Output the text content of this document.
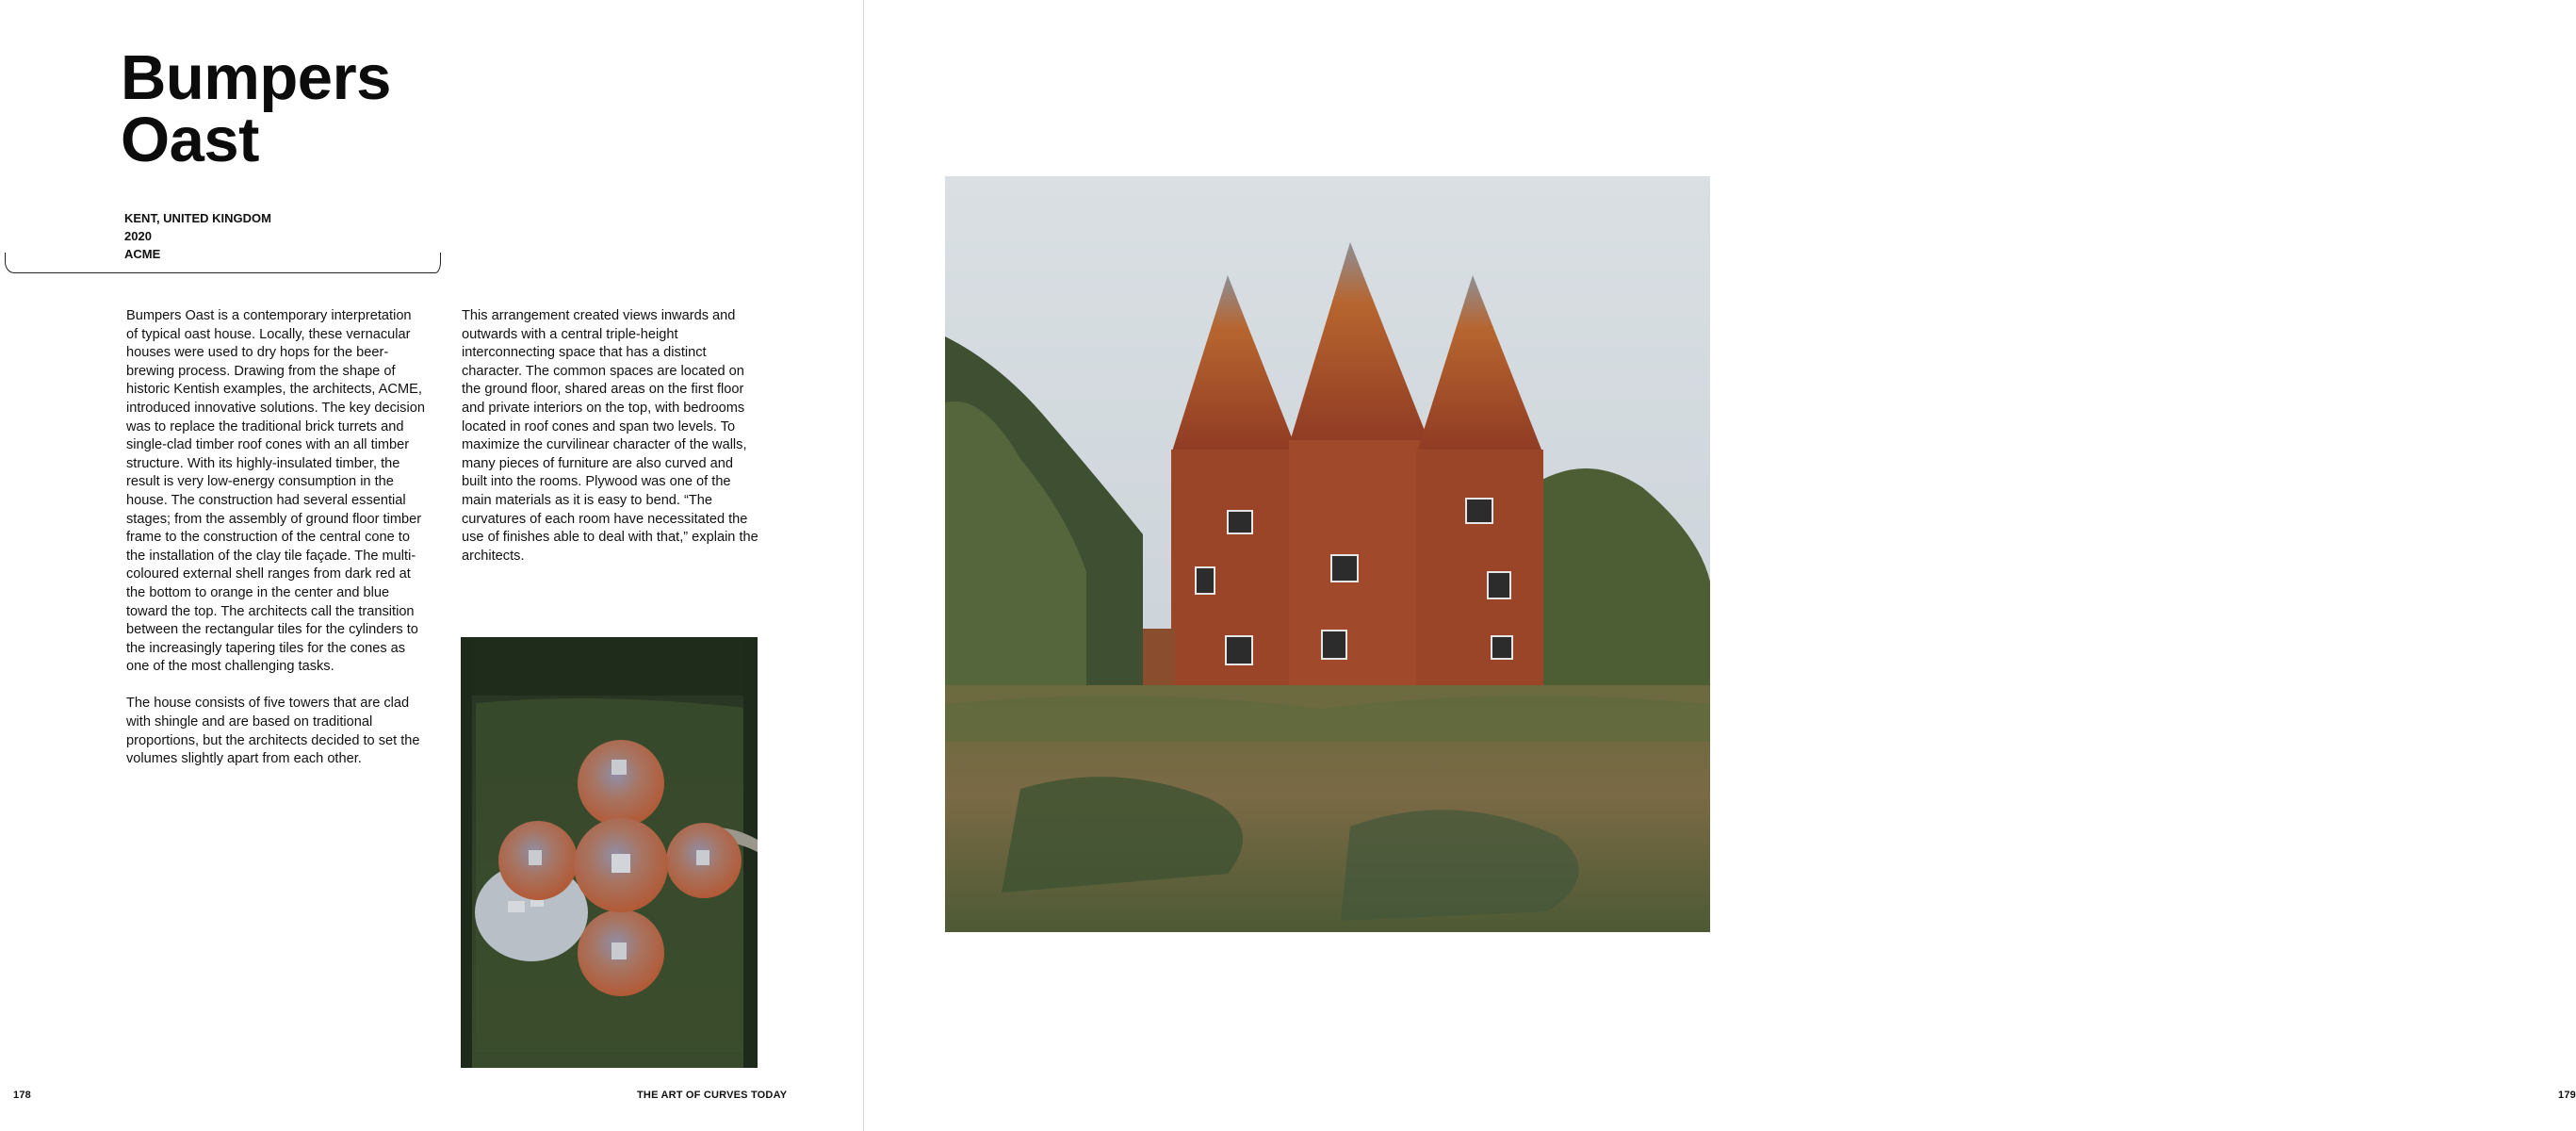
Bumpers
Oast
KENT, UNITED KINGDOM
2020
ACME

Bumpers Oast is a contemporary interpretation of typical oast house. Locally, these vernacular houses were used to dry hops for the beer-brewing process. Drawing from the shape of historic Kentish examples, the architects, ACME, introduced innovative solutions. The key decision was to replace the traditional brick turrets and single-clad timber roof cones with an all timber structure. With its highly-insulated timber, the result is very low-energy consumption in the house. The construction had several essential stages; from the assembly of ground floor timber frame to the construction of the central cone to the installation of the clay tile façade. The multi-coloured external shell ranges from dark red at the bottom to orange in the center and blue toward the top. The architects call the transition between the rectangular tiles for the cylinders to the increasingly tapering tiles for the cones as one of the most challenging tasks.

The house consists of five towers that are clad with shingle and are based on traditional proportions, but the architects decided to set the volumes slightly apart from each other.

This arrangement created views inwards and outwards with a central triple-height interconnecting space that has a distinct character. The common spaces are located on the ground floor, shared areas on the first floor and private interiors on the top, with bedrooms located in roof cones and span two levels. To maximize the curvilinear character of the walls, many pieces of furniture are also curved and built into the rooms. Plywood was one of the main materials as it is easy to bend. “The curvatures of each room have necessitated the use of finishes able to deal with that,” explain the architects.

178	THE ART OF CURVES TODAY	179
